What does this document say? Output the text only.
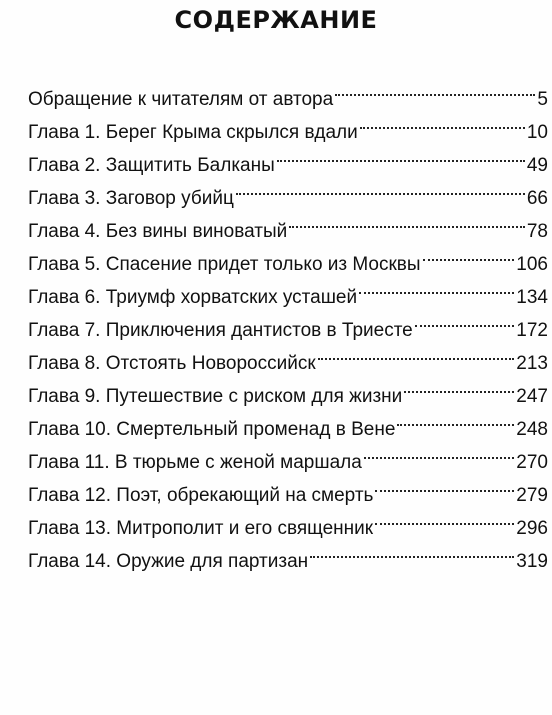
СОДЕРЖАНИЕ
Обращение к читателям от автора	5
Глава 1. Берег Крыма скрылся вдали	10
Глава 2. Защитить Балканы	49
Глава 3. Заговор убийц	66
Глава 4. Без вины виноватый	78
Глава 5. Спасение придет только из Москвы	106
Глава 6. Триумф хорватских усташей	134
Глава 7. Приключения дантистов в Триесте	172
Глава 8. Отстоять Новороссийск	213
Глава 9. Путешествие с риском для жизни	247
Глава 10. Смертельный променад в Вене	248
Глава 11. В тюрьме с женой маршала	270
Глава 12. Поэт, обрекающий на смерть	279
Глава 13. Митрополит и его священник	296
Глава 14. Оружие для партизан	319
